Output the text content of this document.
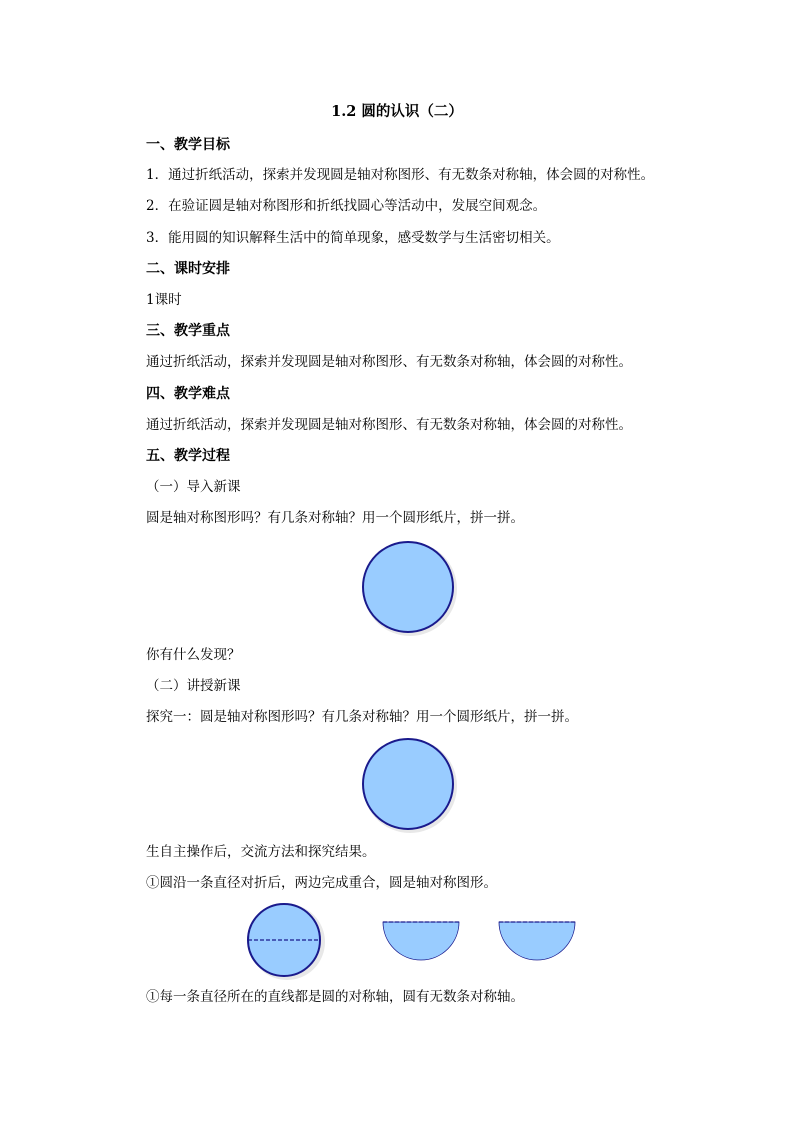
1.2 圆的认识（二）
一、教学目标
1．通过折纸活动，探索并发现圆是轴对称图形、有无数条对称轴，体会圆的对称性。
2．在验证圆是轴对称图形和折纸找圆心等活动中，发展空间观念。
3．能用圆的知识解释生活中的简单现象，感受数学与生活密切相关。
二、课时安排
1课时
三、教学重点
通过折纸活动，探索并发现圆是轴对称图形、有无数条对称轴，体会圆的对称性。
四、教学难点
通过折纸活动，探索并发现圆是轴对称图形、有无数条对称轴，体会圆的对称性。
五、教学过程
（一）导入新课
圆是轴对称图形吗？有几条对称轴？用一个圆形纸片，拼一拼。
你有什么发现？
（二）讲授新课
探究一：圆是轴对称图形吗？有几条对称轴？用一个圆形纸片，拼一拼。
生自主操作后，交流方法和探究结果。
①圆沿一条直径对折后，两边完成重合，圆是轴对称图形。
①每一条直径所在的直线都是圆的对称轴，圆有无数条对称轴。
